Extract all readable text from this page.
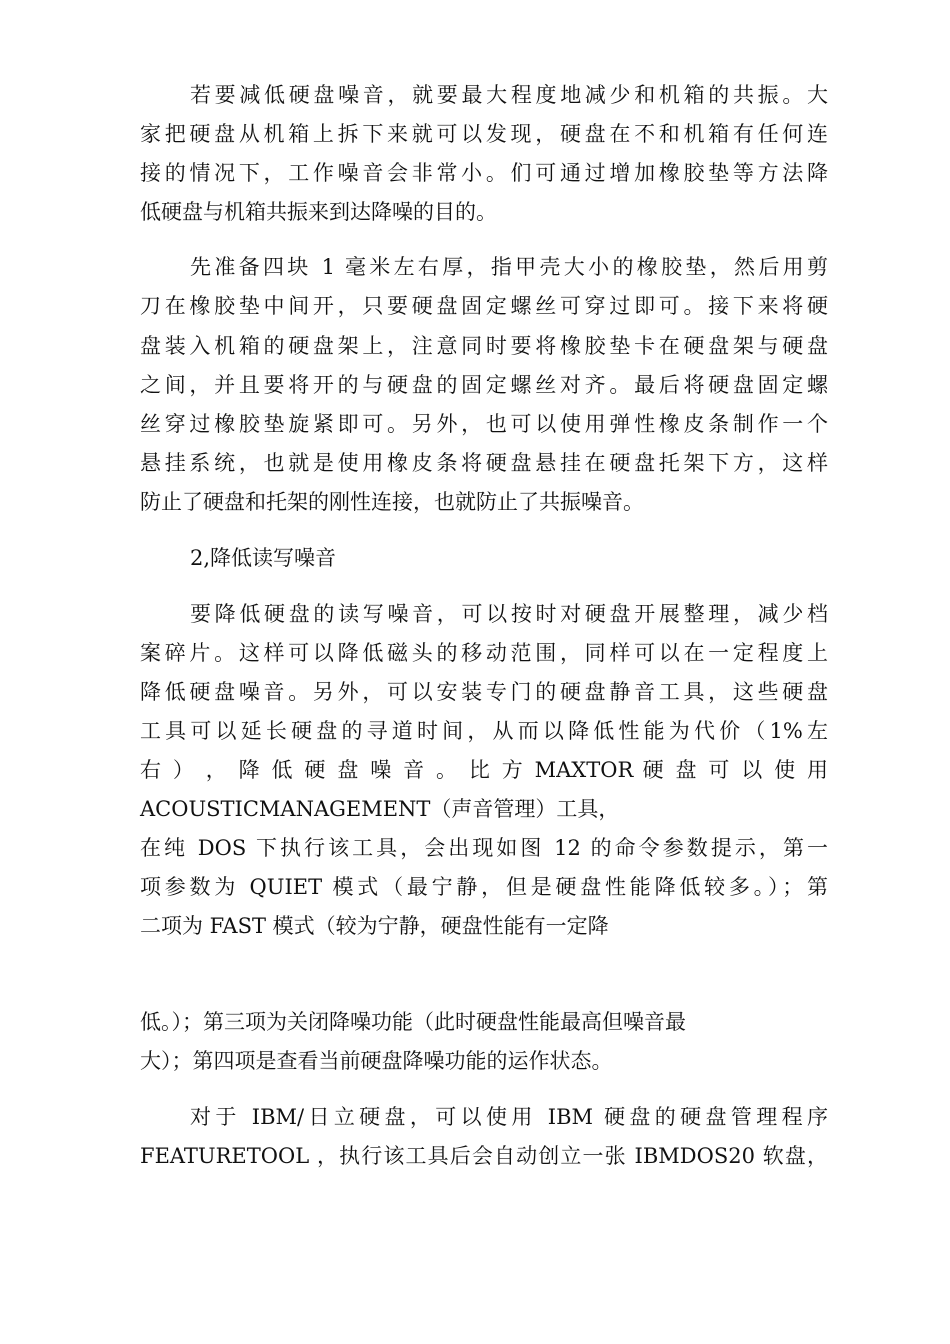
若要减低硬盘噪音，就要最大程度地减少和机箱的共振。大
家把硬盘从机箱上拆下来就可以发现，硬盘在不和机箱有任何连
接的情况下，工作噪音会非常小。们可通过增加橡胶垫等方法降
低硬盘与机箱共振来到达降噪的目的。
先准备四块 1 毫米左右厚，指甲壳大小的橡胶垫，然后用剪
刀在橡胶垫中间开，只要硬盘固定螺丝可穿过即可。接下来将硬
盘装入机箱的硬盘架上，注意同时要将橡胶垫卡在硬盘架与硬盘
之间，并且要将开的与硬盘的固定螺丝对齐。最后将硬盘固定螺
丝穿过橡胶垫旋紧即可。另外，也可以使用弹性橡皮条制作一个
悬挂系统，也就是使用橡皮条将硬盘悬挂在硬盘托架下方，这样
防止了硬盘和托架的刚性连接，也就防止了共振噪音。
2,降低读写噪音
要降低硬盘的读写噪音，可以按时对硬盘开展整理，减少档
案碎片。这样可以降低磁头的移动范围，同样可以在一定程度上
降低硬盘噪音。另外，可以安装专门的硬盘静音工具，这些硬盘
工具可以延长硬盘的寻道时间，从而以降低性能为代价（1%左
右 ） ， 降 低 硬 盘 噪 音 。 比 方 MAXTOR 硬 盘 可 以 使 用
ACOUSTICMANAGEMENT（声音管理）工具，
在纯 DOS 下执行该工具，会出现如图 12 的命令参数提示，第一
项参数为 QUIET 模式（最宁静，但是硬盘性能降低较多。）；第
二项为 FAST 模式（较为宁静，硬盘性能有一定降
低。）；第三项为关闭降噪功能（此时硬盘性能最高但噪音最
大）；第四项是查看当前硬盘降噪功能的运作状态。
对于 IBM/日立硬盘，可以使用 IBM 硬盘的硬盘管理程序
FEATURETOOL ，执行该工具后会自动创立一张 IBMDOS20 软盘，
